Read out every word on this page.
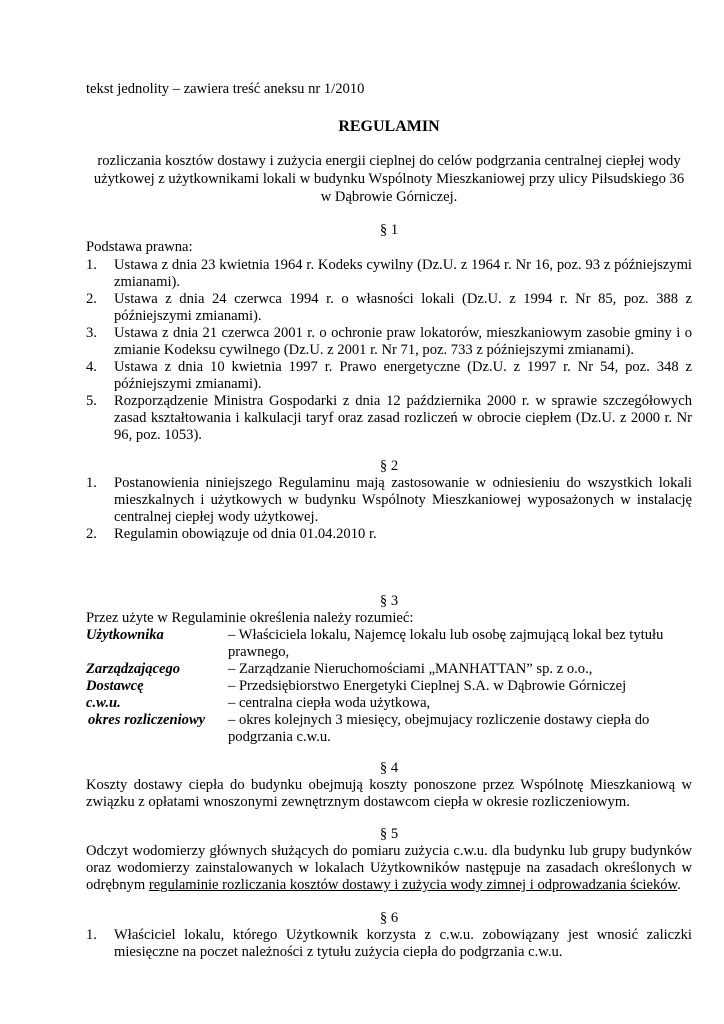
tekst jednolity – zawiera treść aneksu nr 1/2010
REGULAMIN
rozliczania kosztów dostawy i zużycia energii cieplnej do celów podgrzania centralnej ciepłej wody
użytkowej z użytkownikami lokali w budynku Wspólnoty Mieszkaniowej przy ulicy Piłsudskiego 36
w Dąbrowie Górniczej.
§ 1
Podstawa prawna:
1. Ustawa z dnia 23 kwietnia 1964 r. Kodeks cywilny (Dz.U. z 1964 r. Nr 16, poz. 93 z późniejszymi
zmianami).
2. Ustawa z dnia 24 czerwca 1994 r. o własności lokali (Dz.U. z 1994 r. Nr 85, poz. 388 z
późniejszymi zmianami).
3. Ustawa z dnia 21 czerwca 2001 r. o ochronie praw lokatorów, mieszkaniowym zasobie gminy i o
zmianie Kodeksu cywilnego (Dz.U. z 2001 r. Nr 71, poz. 733 z późniejszymi zmianami).
4. Ustawa z dnia 10 kwietnia 1997 r. Prawo energetyczne (Dz.U. z 1997 r. Nr 54, poz. 348 z
późniejszymi zmianami).
5. Rozporządzenie Ministra Gospodarki z dnia 12 października 2000 r. w sprawie szczegółowych
zasad kształtowania i kalkulacji taryf oraz zasad rozliczeń w obrocie ciepłem (Dz.U. z 2000 r. Nr
96, poz. 1053).
§ 2
1. Postanowienia niniejszego Regulaminu mają zastosowanie w odniesieniu do wszystkich lokali
mieszkalnych i użytkowych w budynku Wspólnoty Mieszkaniowej wyposażonych w instalację
centralnej ciepłej wody użytkowej.
2. Regulamin obowiązuje od dnia 01.04.2010 r.
§ 3
Przez użyte w Regulaminie określenia należy rozumieć:
Użytkownika	– Właściciela lokalu, Najemcę lokalu lub osobę zajmującą lokal bez tytułu
prawnego,
Zarządzającego	– Zarządzanie Nieruchomościami „MANHATTAN” sp. z o.o.,
Dostawcę	– Przedsiębiorstwo Energetyki Cieplnej S.A. w Dąbrowie Górniczej
c.w.u.	– centralna ciepła woda użytkowa,
okres rozliczeniowy – okres kolejnych 3 miesięcy, obejmujacy rozliczenie dostawy ciepła do
podgrzania c.w.u.
§ 4
Koszty dostawy ciepła do budynku obejmują koszty ponoszone przez Wspólnotę Mieszkaniową w
związku z opłatami wnoszonymi zewnętrznym dostawcom ciepła w okresie rozliczeniowym.
§ 5
Odczyt wodomierzy głównych służących do pomiaru zużycia c.w.u. dla budynku lub grupy budynków
oraz wodomierzy zainstalowanych w lokalach Użytkowników następuje na zasadach określonych w
odrębnym regulaminie rozliczania kosztów dostawy i zużycia wody zimnej i odprowadzania ścieków.
§ 6
1. Właściciel lokalu, którego Użytkownik korzysta z c.w.u. zobowiązany jest wnosić zaliczki
miesięczne na poczet należności z tytułu zużycia ciepła do podgrzania c.w.u.
